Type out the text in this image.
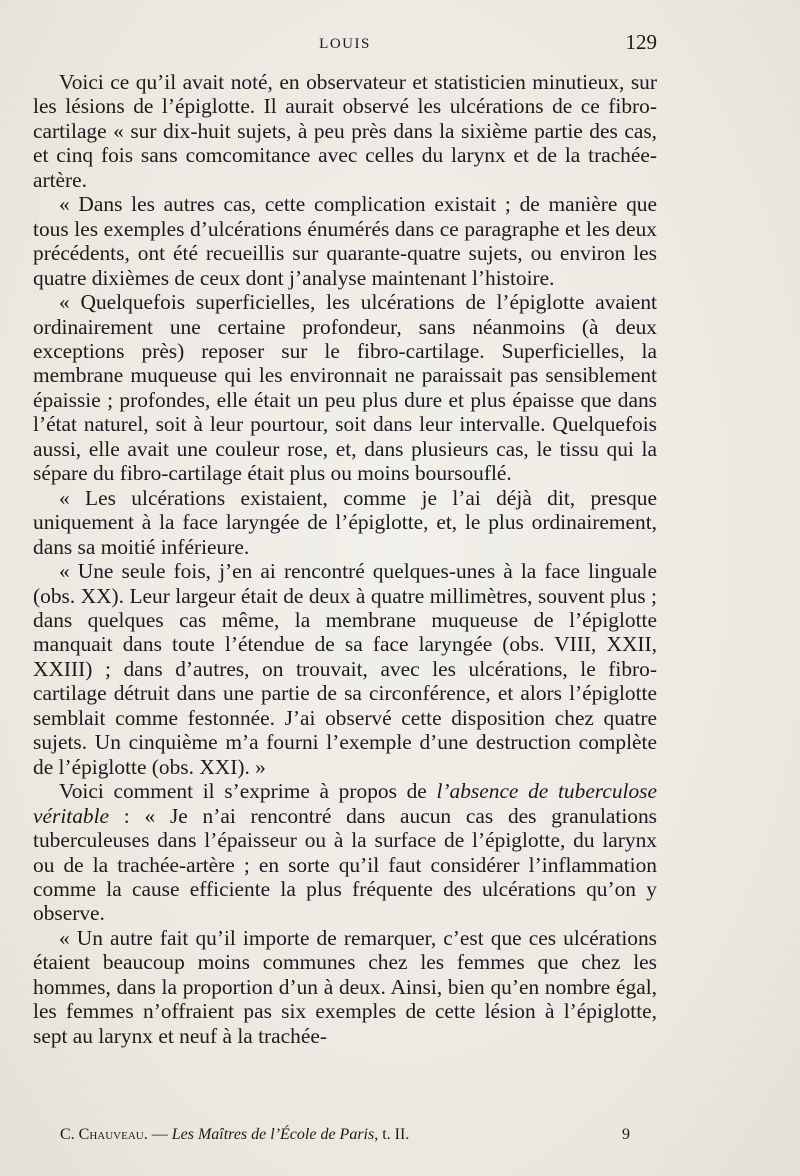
LOUIS	129

Voici ce qu’il avait noté, en observateur et statisticien minutieux, sur les lésions de l’épiglotte. Il aurait observé les ulcérations de ce fibro-cartilage « sur dix-huit sujets, à peu près dans la sixième partie des cas, et cinq fois sans comcomitance avec celles du larynx et de la trachée-artère.

« Dans les autres cas, cette complication existait ; de manière que tous les exemples d’ulcérations énumérés dans ce paragraphe et les deux précédents, ont été recueillis sur quarante-quatre sujets, ou environ les quatre dixièmes de ceux dont j’analyse maintenant l’histoire.

« Quelquefois superficielles, les ulcérations de l’épiglotte avaient ordinairement une certaine profondeur, sans néanmoins (à deux exceptions près) reposer sur le fibro-cartilage. Superficielles, la membrane muqueuse qui les environnait ne paraissait pas sensiblement épaissie ; profondes, elle était un peu plus dure et plus épaisse que dans l’état naturel, soit à leur pourtour, soit dans leur intervalle. Quelquefois aussi, elle avait une couleur rose, et, dans plusieurs cas, le tissu qui la sépare du fibro-cartilage était plus ou moins boursouflé.

« Les ulcérations existaient, comme je l’ai déjà dit, presque uniquement à la face laryngée de l’épiglotte, et, le plus ordinairement, dans sa moitié inférieure.

« Une seule fois, j’en ai rencontré quelques-unes à la face linguale (obs. XX). Leur largeur était de deux à quatre millimètres, souvent plus ; dans quelques cas même, la membrane muqueuse de l’épiglotte manquait dans toute l’étendue de sa face laryngée (obs. VIII, XXII, XXIII) ; dans d’autres, on trouvait, avec les ulcérations, le fibro-cartilage détruit dans une partie de sa circonférence, et alors l’épiglotte semblait comme festonnée. J’ai observé cette disposition chez quatre sujets. Un cinquième m’a fourni l’exemple d’une destruction complète de l’épiglotte (obs. XXI). »

Voici comment il s’exprime à propos de l’absence de tuberculose véritable : « Je n’ai rencontré dans aucun cas des granulations tuberculeuses dans l’épaisseur ou à la surface de l’épiglotte, du larynx ou de la trachée-artère ; en sorte qu’il faut considérer l’inflammation comme la cause efficiente la plus fréquente des ulcérations qu’on y observe.

« Un autre fait qu’il importe de remarquer, c’est que ces ulcérations étaient beaucoup moins communes chez les femmes que chez les hommes, dans la proportion d’un à deux. Ainsi, bien qu’en nombre égal, les femmes n’offraient pas six exemples de cette lésion à l’épiglotte, sept au larynx et neuf à la trachée-

C. Chauveau. — Les Maîtres de l’École de Paris, t. II.	9
